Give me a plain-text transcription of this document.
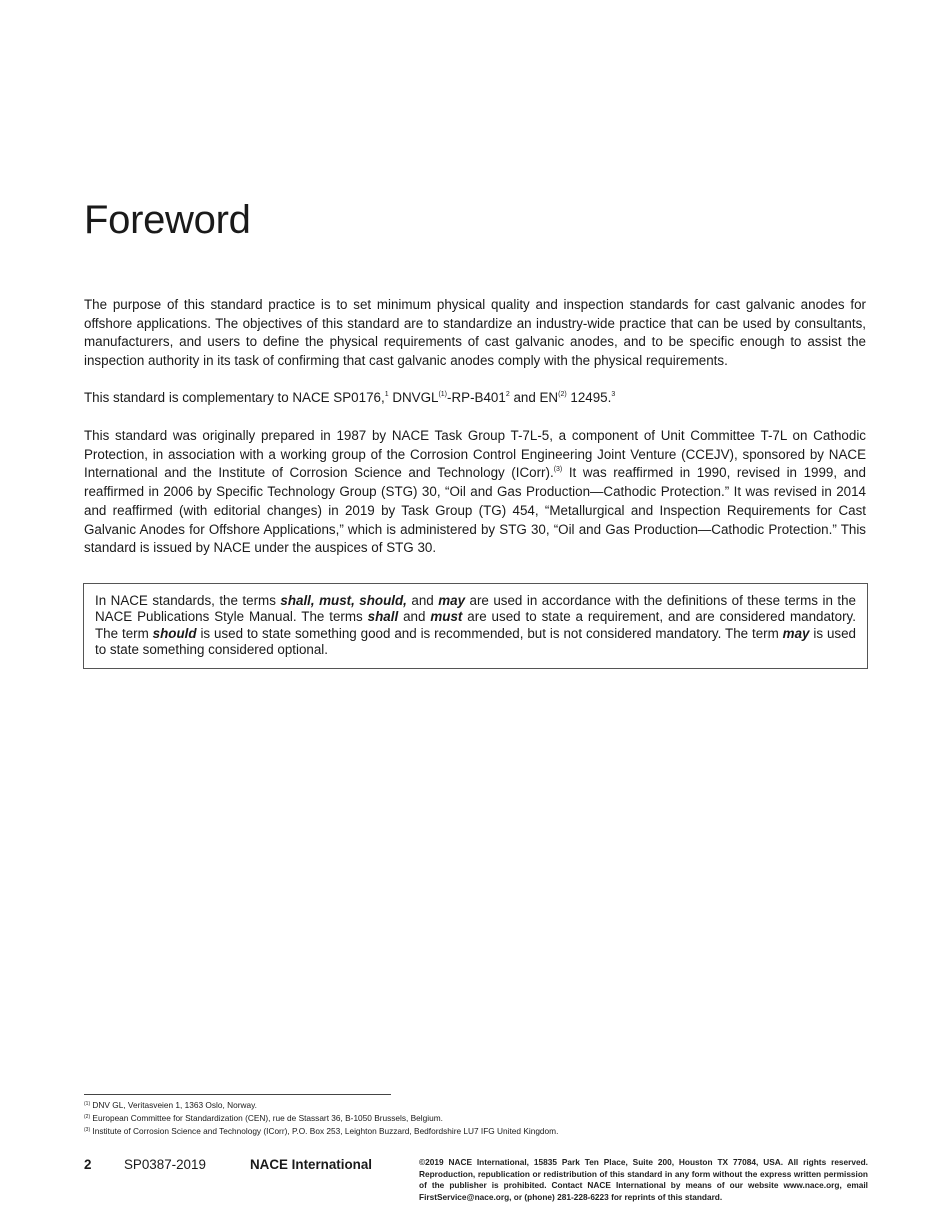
Foreword

The purpose of this standard practice is to set minimum physical quality and inspection standards for cast galvanic anodes for offshore applications. The objectives of this standard are to standardize an industry-wide practice that can be used by consultants, manufacturers, and users to define the physical requirements of cast galvanic anodes, and to be specific enough to assist the inspection authority in its task of confirming that cast galvanic anodes comply with the physical requirements.

This standard is complementary to NACE SP0176,$^1$ DNVGL$^{(1)}$-RP-B401$^2$ and EN$^{(2)}$ 12495.$^3$

This standard was originally prepared in 1987 by NACE Task Group T-7L-5, a component of Unit Committee T-7L on Cathodic Protection, in association with a working group of the Corrosion Control Engineering Joint Venture (CCEJV), sponsored by NACE International and the Institute of Corrosion Science and Technology (ICorr).$^{(3)}$ It was reaffirmed in 1990, revised in 1999, and reaffirmed in 2006 by Specific Technology Group (STG) 30, “Oil and Gas Production—Cathodic Protection.” It was revised in 2014 and reaffirmed (with editorial changes) in 2019 by Task Group (TG) 454, “Metallurgical and Inspection Requirements for Cast Galvanic Anodes for Offshore Applications,” which is administered by STG 30, “Oil and Gas Production—Cathodic Protection.” This standard is issued by NACE under the auspices of STG 30.

In NACE standards, the terms shall, must, should, and may are used in accordance with the definitions of these terms in the NACE Publications Style Manual. The terms shall and must are used to state a requirement, and are considered mandatory. The term should is used to state something good and is recommended, but is not considered mandatory. The term may is used to state something considered optional.
$^{(1)}$ DNV GL, Veritasveien 1, 1363 Oslo, Norway.
$^{(2)}$ European Committee for Standardization (CEN), rue de Stassart 36, B-1050 Brussels, Belgium.
$^{(3)}$ Institute of Corrosion Science and Technology (ICorr), P.O. Box 253, Leighton Buzzard, Bedfordshire LU7 IFG United Kingdom.
2 SP0387-2019	NACE International	©2019 NACE International, 15835 Park Ten Place, Suite 200, Houston TX 77084, USA. All rights reserved. Reproduction, republication or redistribution of this standard in any form without the express written permission of the publisher is prohibited. Contact NACE International by means of our website www.nace.org, email FirstService@nace.org, or (phone) 281-228-6223 for reprints of this standard.
